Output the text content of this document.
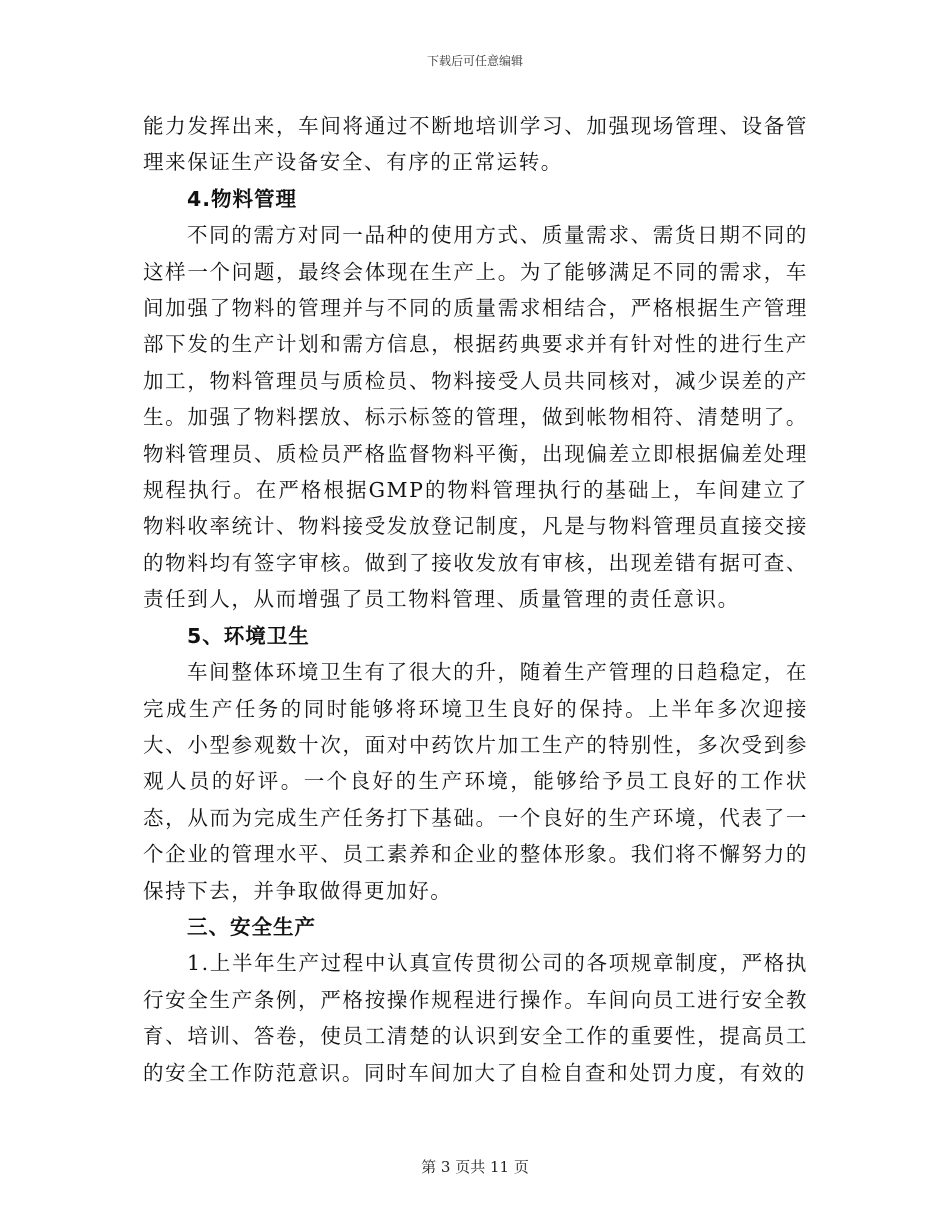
下载后可任意编辑

能力发挥出来，车间将通过不断地培训学习、加强现场管理、设备管理来保证生产设备安全、有序的正常运转。

4.物料管理

不同的需方对同一品种的使用方式、质量需求、需货日期不同的这样一个问题，最终会体现在生产上。为了能够满足不同的需求，车间加强了物料的管理并与不同的质量需求相结合，严格根据生产管理部下发的生产计划和需方信息，根据药典要求并有针对性的进行生产加工，物料管理员与质检员、物料接受人员共同核对，减少误差的产生。加强了物料摆放、标示标签的管理，做到帐物相符、清楚明了。物料管理员、质检员严格监督物料平衡，出现偏差立即根据偏差处理规程执行。在严格根据GMP的物料管理执行的基础上，车间建立了物料收率统计、物料接受发放登记制度，凡是与物料管理员直接交接的物料均有签字审核。做到了接收发放有审核，出现差错有据可查、责任到人，从而增强了员工物料管理、质量管理的责任意识。

5、环境卫生

车间整体环境卫生有了很大的升，随着生产管理的日趋稳定，在完成生产任务的同时能够将环境卫生良好的保持。上半年多次迎接大、小型参观数十次，面对中药饮片加工生产的特别性，多次受到参观人员的好评。一个良好的生产环境，能够给予员工良好的工作状态，从而为完成生产任务打下基础。一个良好的生产环境，代表了一个企业的管理水平、员工素养和企业的整体形象。我们将不懈努力的保持下去，并争取做得更加好。

三、安全生产

1.上半年生产过程中认真宣传贯彻公司的各项规章制度，严格执行安全生产条例，严格按操作规程进行操作。车间向员工进行安全教育、培训、答卷，使员工清楚的认识到安全工作的重要性，提高员工的安全工作防范意识。同时车间加大了自检自查和处罚力度，有效的

第 3 页共 11 页
